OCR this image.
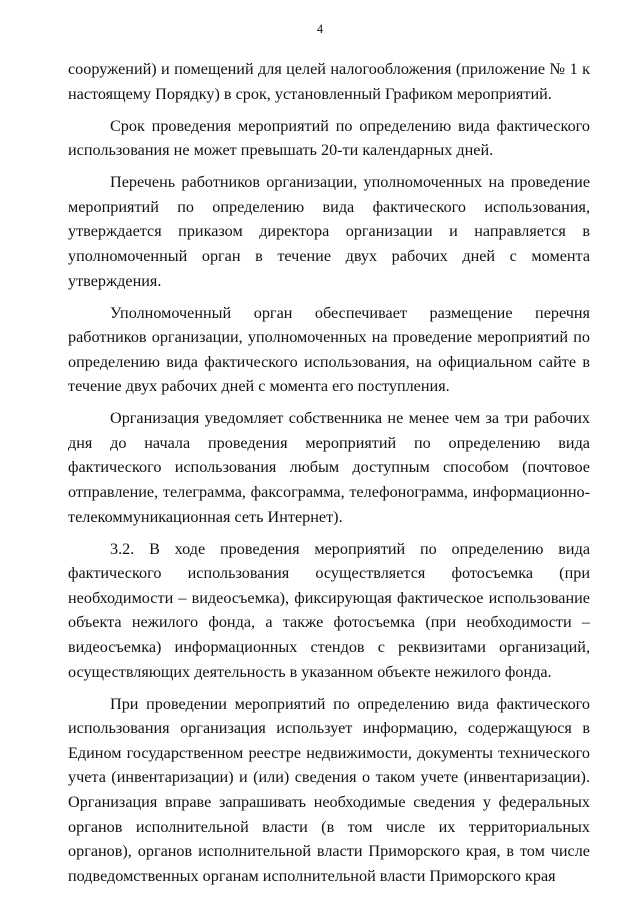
4

сооружений) и помещений для целей налогообложения (приложение № 1 к настоящему Порядку) в срок, установленный Графиком мероприятий.

Срок проведения мероприятий по определению вида фактического использования не может превышать 20-ти календарных дней.

Перечень работников организации, уполномоченных на проведение мероприятий по определению вида фактического использования, утверждается приказом директора организации и направляется в уполномоченный орган в течение двух рабочих дней с момента утверждения.

Уполномоченный орган обеспечивает размещение перечня работников организации, уполномоченных на проведение мероприятий по определению вида фактического использования, на официальном сайте в течение двух рабочих дней с момента его поступления.

Организация уведомляет собственника не менее чем за три рабочих дня до начала проведения мероприятий по определению вида фактического использования любым доступным способом (почтовое отправление, телеграмма, факсограмма, телефонограмма, информационно-телекоммуникационная сеть Интернет).

3.2. В ходе проведения мероприятий по определению вида фактического использования осуществляется фотосъемка (при необходимости – видеосъемка), фиксирующая фактическое использование объекта нежилого фонда, а также фотосъемка (при необходимости – видеосъемка) информационных стендов с реквизитами организаций, осуществляющих деятельность в указанном объекте нежилого фонда.

При проведении мероприятий по определению вида фактического использования организация использует информацию, содержащуюся в Едином государственном реестре недвижимости, документы технического учета (инвентаризации) и (или) сведения о таком учете (инвентаризации). Организация вправе запрашивать необходимые сведения у федеральных органов исполнительной власти (в том числе их территориальных органов), органов исполнительной власти Приморского края, в том числе подведомственных органам исполнительной власти Приморского края
